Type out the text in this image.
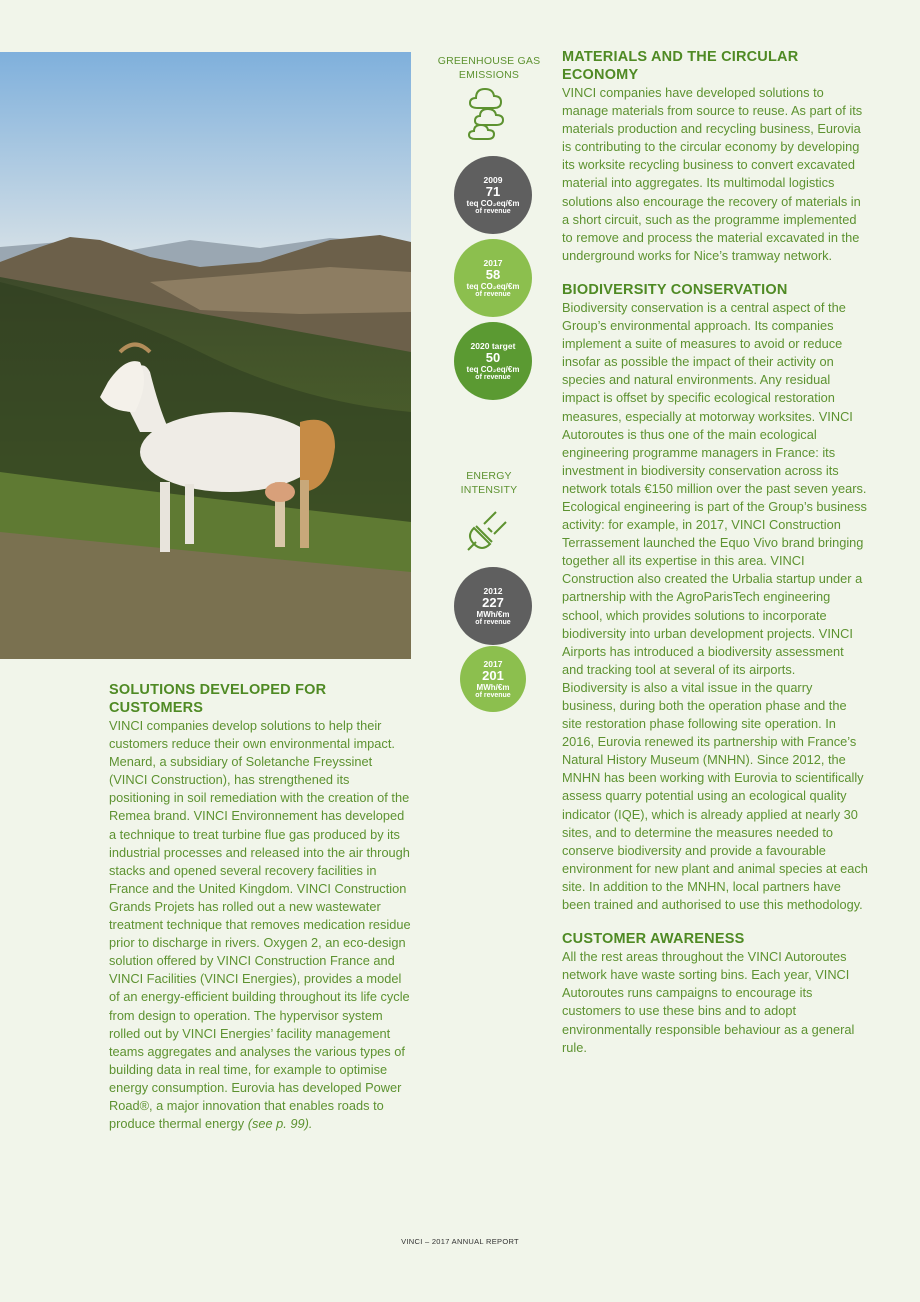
GREENHOUSE GAS
EMISSIONS
2009
71
teq CO₂eq/€m
of revenue
2017
58
teq CO₂eq/€m
of revenue
2020 target
50
teq CO₂eq/€m
of revenue
ENERGY
INTENSITY
2012
227
MWh/€m
of revenue
2017
201
MWh/€m
of revenue
SOLUTIONS DEVELOPED FOR CUSTOMERS

VINCI companies develop solutions to help their customers reduce their own environmental impact. Menard, a subsidiary of Soletanche Freyssinet (VINCI Construction), has strengthened its positioning in soil remediation with the creation of the Remea brand. VINCI Environnement has developed a technique to treat turbine flue gas produced by its industrial processes and released into the air through stacks and opened several recovery facilities in France and the United Kingdom. VINCI Construction Grands Projets has rolled out a new wastewater treatment technique that removes medication residue prior to discharge in rivers. Oxygen 2, an eco-design solution offered by VINCI Construction France and VINCI Facilities (VINCI Energies), provides a model of an energy-efficient building throughout its life cycle from design to operation. The hypervisor system rolled out by VINCI Energies’ facility management teams aggregates and analyses the various types of building data in real time, for example to optimise energy consumption. Eurovia has developed Power Road®, a major innovation that enables roads to produce thermal energy (see p. 99).

MATERIALS AND THE CIRCULAR ECONOMY

VINCI companies have developed solutions to manage materials from source to reuse. As part of its materials production and recycling business, Eurovia is contributing to the circular economy by developing its worksite recycling business to convert excavated material into aggregates. Its multimodal logistics solutions also encourage the recovery of materials in a short circuit, such as the programme implemented to remove and process the material excavated in the underground works for Nice’s tramway network.

BIODIVERSITY CONSERVATION

Biodiversity conservation is a central aspect of the Group’s environmental approach. Its companies implement a suite of measures to avoid or reduce insofar as possible the impact of their activity on species and natural environments. Any residual impact is offset by specific ecological restoration measures, especially at motorway worksites. VINCI Autoroutes is thus one of the main ecological engineering programme managers in France: its investment in biodiversity conservation across its network totals €150 million over the past seven years. Ecological engineering is part of the Group’s business activity: for example, in 2017, VINCI Construction Terrassement launched the Equo Vivo brand bringing together all its expertise in this area. VINCI Construction also created the Urbalia startup under a partnership with the AgroParisTech engineering school, which provides solutions to incorporate biodiversity into urban development projects. VINCI Airports has introduced a biodiversity assessment and tracking tool at several of its airports.

Biodiversity is also a vital issue in the quarry business, during both the operation phase and the site restoration phase following site operation. In 2016, Eurovia renewed its partnership with France’s Natural History Museum (MNHN). Since 2012, the MNHN has been working with Eurovia to scientifically assess quarry potential using an ecological quality indicator (IQE), which is already applied at nearly 30 sites, and to determine the measures needed to conserve biodiversity and provide a favourable environment for new plant and animal species at each site. In addition to the MNHN, local partners have been trained and authorised to use this methodology.

CUSTOMER AWARENESS

All the rest areas throughout the VINCI Autoroutes network have waste sorting bins. Each year, VINCI Autoroutes runs campaigns to encourage its customers to use these bins and to adopt environmentally responsible behaviour as a general rule.

VINCI – 2017 ANNUAL REPORT
